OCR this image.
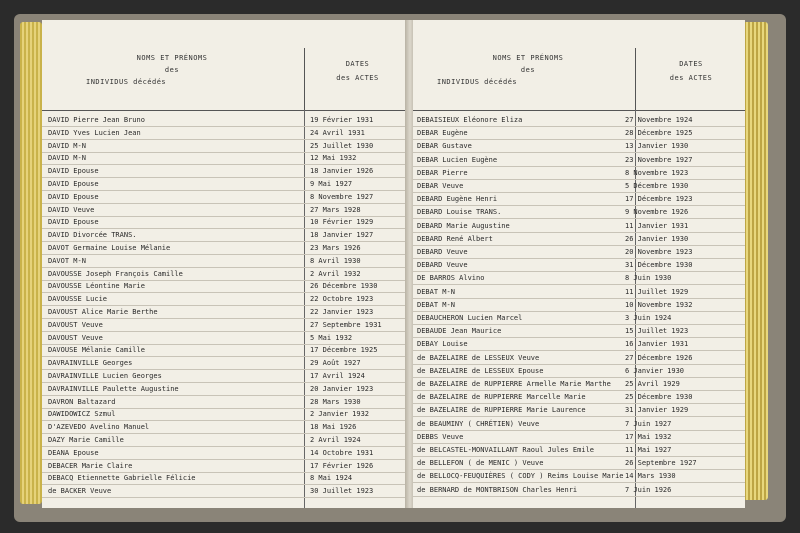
NOMS ET PRÉNOMS
des
INDIVIDUS décédés
DATES
des ACTES
DAVID Pierre Jean Bruno	19 Février 1931
DAVID Yves Lucien Jean	24 Avril 1931
DAVID M-N	25 Juillet 1930
DAVID M-N	12 Mai 1932
DAVID Epouse	18 Janvier 1926
DAVID Epouse	9 Mai 1927
DAVID Epouse	8 Novembre 1927
DAVID Veuve	27 Mars 1928
DAVID Epouse	10 Février 1929
DAVID Divorcée TRANS.	18 Janvier 1927
DAVOT Germaine Louise Mélanie	23 Mars 1926
DAVOT M-N	8 Avril 1930
DAVOUSSE Joseph François Camille	2 Avril 1932
DAVOUSSE Léontine Marie	26 Décembre 1930
DAVOUSSE Lucie	22 Octobre 1923
DAVOUST Alice Marie Berthe	22 Janvier 1923
DAVOUST Veuve	27 Septembre 1931
DAVOUST Veuve	5 Mai 1932
DAVOUSE Mélanie Camille	17 Décembre 1925
DAVRAINVILLE Georges	29 Août 1927
DAVRAINVILLE Lucien Georges	17 Avril 1924
DAVRAINVILLE Paulette Augustine	20 Janvier 1923
DAVRON Baltazard	28 Mars 1930
DAWIDOWICZ Szmul	2 Janvier 1932
D'AZEVEDO Avelino Manuel	18 Mai 1926
DAZY Marie Camille	2 Avril 1924
DEANA Epouse	14 Octobre 1931
DEBACER Marie Claire	17 Février 1926
DEBACQ Etiennette Gabrielle Félicie	8 Mai 1924
de BACKER Veuve	30 Juillet 1923
NOMS ET PRÉNOMS
des
INDIVIDUS décédés
DATES
des ACTES
DEBAISIEUX Eléonore Eliza	27 Novembre 1924
DEBAR Eugène	28 Décembre 1925
DEBAR Gustave	13 Janvier 1930
DEBAR Lucien Eugène	23 Novembre 1927
DEBAR Pierre	8 Novembre 1923
DEBAR Veuve	5 Décembre 1930
DEBARD Eugène Henri	17 Décembre 1923
DEBARD Louise TRANS.	9 Novembre 1926
DEBARD Marie Augustine	11 Janvier 1931
DEBARD René Albert	26 Janvier 1930
DEBARD Veuve	20 Novembre 1923
DEBARD Veuve	31 Décembre 1930
DE BARROS Alvino	8 Juin 1930
DEBAT M-N	11 Juillet 1929
DEBAT M-N	10 Novembre 1932
DEBAUCHERON Lucien Marcel	3 Juin 1924
DEBAUDE Jean Maurice	15 Juillet 1923
DEBAY Louise	16 Janvier 1931
de BAZELAIRE de LESSEUX Veuve	27 Décembre 1926
de BAZELAIRE de LESSEUX Epouse	6 Janvier 1930
de BAZELAIRE de RUPPIERRE Armelle Marie Marthe 25 Avril 1929
de BAZELAIRE de RUPPIERRE Marcelle Marie	25 Décembre 1930
de BAZELAIRE de RUPPIERRE Marie Laurence	31 Janvier 1929
de BEAUMINY ( CHRÉTIEN) Veuve	7 Juin 1927
DEBBS Veuve	17 Mai 1932
de BELCASTEL-MONVAILLANT Raoul Jules Emile	11 Mai 1927
de BELLEFON ( de MENIC ) Veuve	26 Septembre 1927
de BELLOCQ-FEUQUIÈRES ( CODY ) Reims Louise Marie 14 Mars 1930
de BERNARD de MONTBRISON Charles Henri	7 Juin 1926
